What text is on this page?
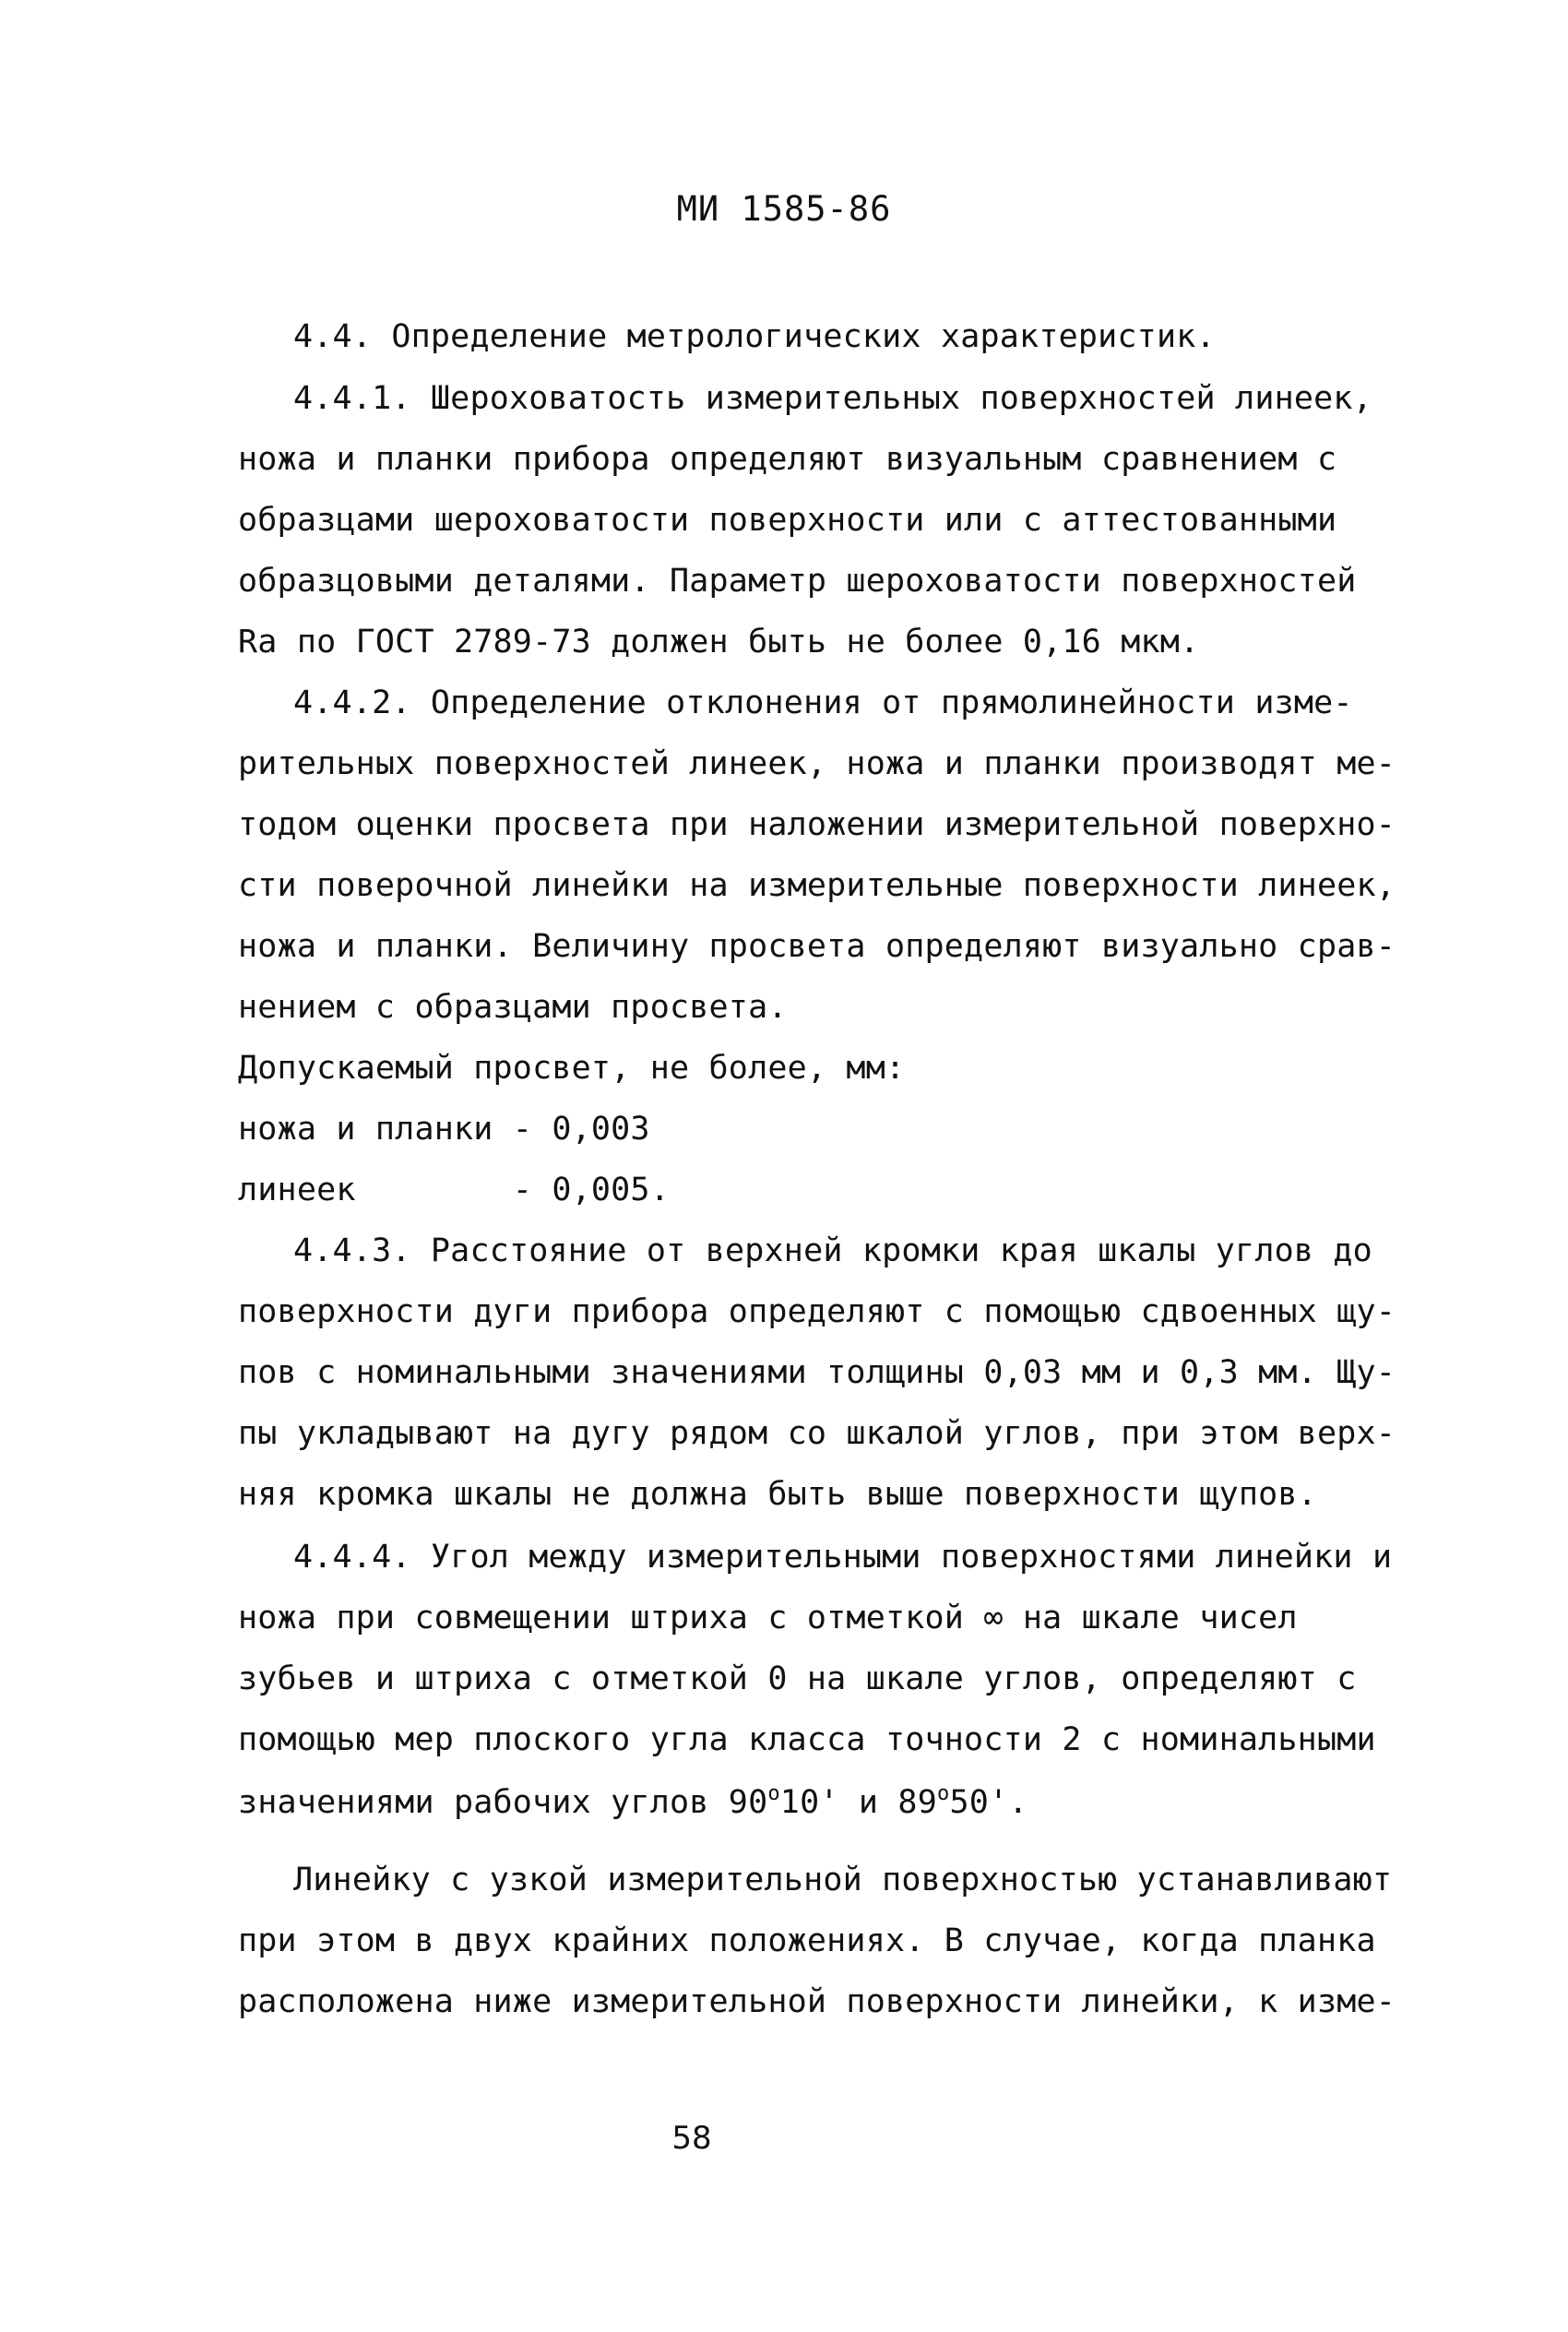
МИ 1585-86
4.4. Определение метрологических характеристик.
4.4.1. Шероховатость измерительных поверхностей линеек,
ножа и планки прибора определяют визуальным сравнением с
образцами шероховатости поверхности или с аттестованными
образцовыми деталями. Параметр шероховатости поверхностей
Ra по ГОСТ 2789-73 должен быть не более 0,16 мкм.
4.4.2. Определение отклонения от прямолинейности изме-
рительных поверхностей линеек, ножа и планки производят ме-
тодом оценки просвета при наложении измерительной поверхно-
сти поверочной линейки на измерительные поверхности линеек,
ножа и планки. Величину просвета определяют визуально срав-
нением с образцами просвета.
Допускаемый просвет, не более, мм:
ножа и планки - 0,003
линеек        - 0,005.
4.4.3. Расстояние от верхней кромки края шкалы углов до
поверхности дуги прибора определяют с помощью сдвоенных щу-
пов с номинальными значениями толщины 0,03 мм и 0,3 мм. Щу-
пы укладывают на дугу рядом со шкалой углов, при этом верх-
няя кромка шкалы не должна быть выше поверхности щупов.
4.4.4. Угол между измерительными поверхностями линейки и
ножа при совмещении штриха с отметкой ∞ на шкале чисел
зубьев и штриха с отметкой 0 на шкале углов, определяют с
помощью мер плоского угла класса точности 2 с номинальными
значениями рабочих углов $90^о10'$ и $89^о50'$.
Линейку с узкой измерительной поверхностью устанавливают
при этом в двух крайних положениях. В случае, когда планка
расположена ниже измерительной поверхности линейки, к изме-
58
